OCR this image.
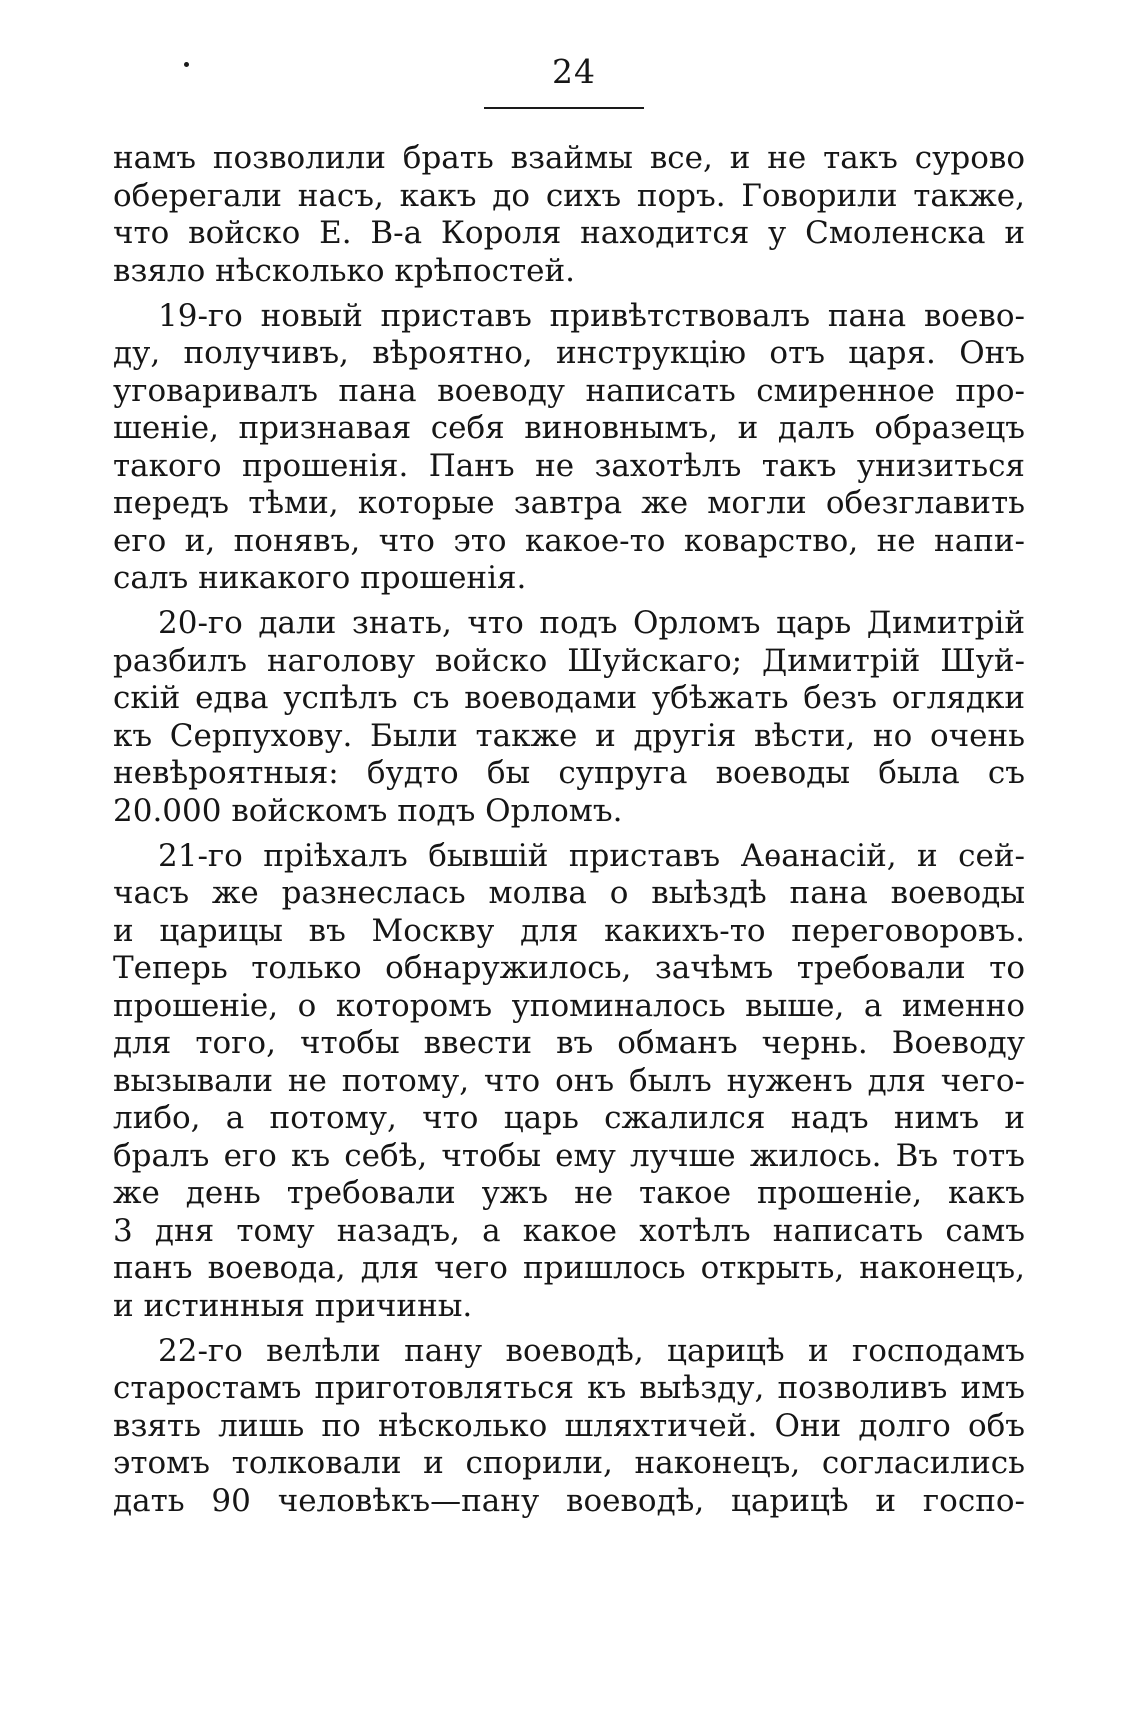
24

намъ позволили брать взаймы все, и не такъ сурово
оберегали насъ, какъ до сихъ поръ. Говорили также,
что войско Е. В-а Короля находится у Смоленска и
взяло нѣсколько крѣпостей.

19-го новый приставъ привѣтствовалъ пана воево-
ду, получивъ, вѣроятно, инструкцію отъ царя. Онъ
уговаривалъ пана воеводу написать смиренное про-
шеніе, признавая себя виновнымъ, и далъ образецъ
такого прошенія. Панъ не захотѣлъ такъ унизиться
передъ тѣми, которые завтра же могли обезглавить
его и, понявъ, что это какое-то коварство, не напи-
салъ никакого прошенія.

20-го дали знать, что подъ Орломъ царь Димитрій
разбилъ наголову войско Шуйскаго; Димитрій Шуй-
скій едва успѣлъ съ воеводами убѣжать безъ оглядки
къ Серпухову. Были также и другія вѣсти, но очень
невѣроятныя: будто бы супруга воеводы была съ
20.000 войскомъ подъ Орломъ.

21-го пріѣхалъ бывшій приставъ Аѳанасій, и сей-
часъ же разнеслась молва о выѣздѣ пана воеводы
и царицы въ Москву для какихъ-то переговоровъ.
Теперь только обнаружилось, зачѣмъ требовали то
прошеніе, о которомъ упоминалось выше, а именно
для того, чтобы ввести въ обманъ чернь. Воеводу
вызывали не потому, что онъ былъ нуженъ для чего-
либо, а потому, что царь сжалился надъ нимъ и
бралъ его къ себѣ, чтобы ему лучше жилось. Въ тотъ
же день требовали ужъ не такое прошеніе, какъ
3 дня тому назадъ, а какое хотѣлъ написать самъ
панъ воевода, для чего пришлось открыть, наконецъ,
и истинныя причины.

22-го велѣли пану воеводѣ, царицѣ и господамъ
старостамъ приготовляться къ выѣзду, позволивъ имъ
взять лишь по нѣсколько шляхтичей. Они долго объ
этомъ толковали и спорили, наконецъ, согласились
дать 90 человѣкъ—пану воеводѣ, царицѣ и госпо-
